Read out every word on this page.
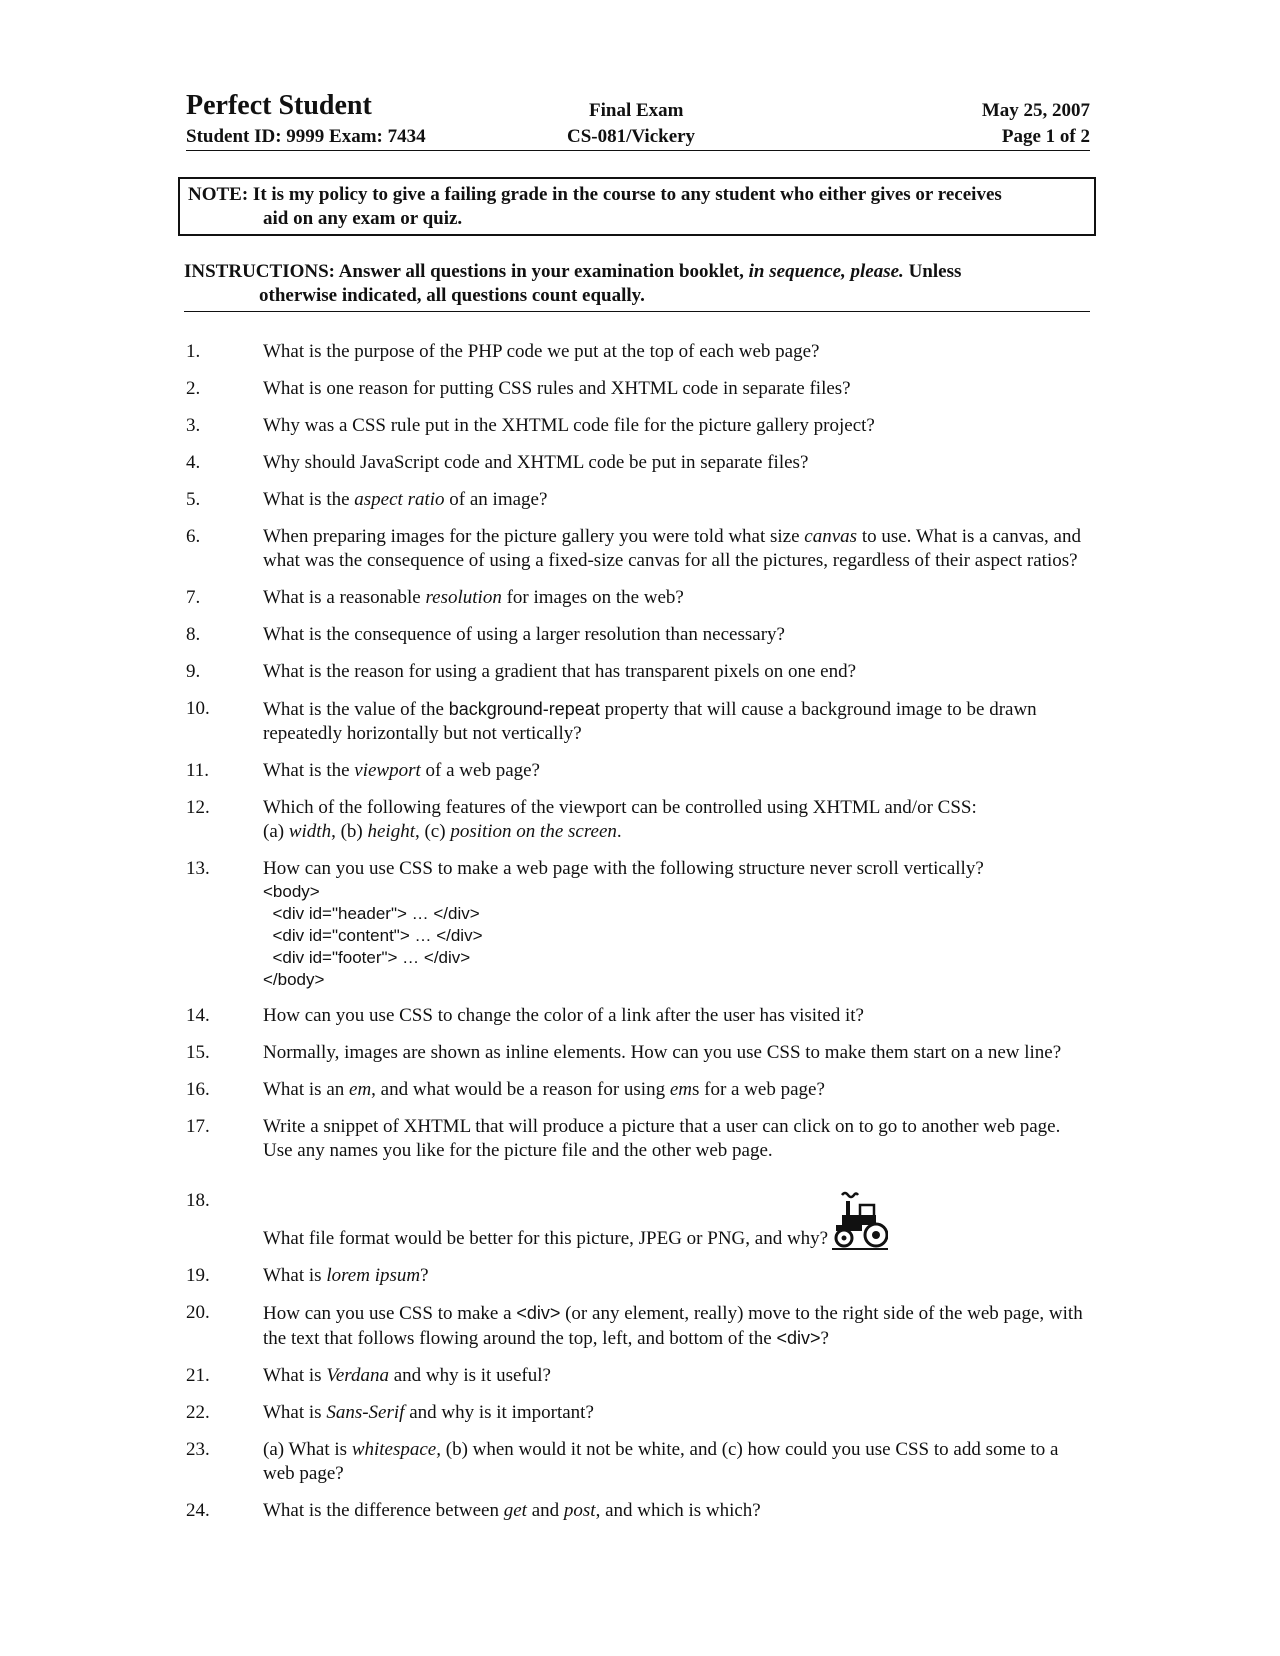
Perfect Student	Final Exam	May 25, 2007
Student ID: 9999 Exam: 7434	CS-081/Vickery	Page 1 of 2
NOTE: It is my policy to give a failing grade in the course to any student who either gives or receives
aid on any exam or quiz.
INSTRUCTIONS: Answer all questions in your examination booklet, in sequence, please. Unless
otherwise indicated, all questions count equally.
1.	What is the purpose of the PHP code we put at the top of each web page?
2.	What is one reason for putting CSS rules and XHTML code in separate files?
3.	Why was a CSS rule put in the XHTML code file for the picture gallery project?
4.	Why should JavaScript code and XHTML code be put in separate files?
5.	What is the aspect ratio of an image?
6.	When preparing images for the picture gallery you were told what size canvas to use. What is a canvas, and what was the consequence of using a fixed-size canvas for all the pictures, regardless of their aspect ratios?
7.	What is a reasonable resolution for images on the web?
8.	What is the consequence of using a larger resolution than necessary?
9.	What is the reason for using a gradient that has transparent pixels on one end?
10.	What is the value of the background-repeat property that will cause a background image to be drawn repeatedly horizontally but not vertically?
11.	What is the viewport of a web page?
12.	Which of the following features of the viewport can be controlled using XHTML and/or CSS:
(a) width, (b) height, (c) position on the screen.
13.	How can you use CSS to make a web page with the following structure never scroll vertically?
<body>
<div id="header"> … </div>
<div id="content"> … </div>
<div id="footer"> … </div>
</body>
14.	How can you use CSS to change the color of a link after the user has visited it?
15.	Normally, images are shown as inline elements. How can you use CSS to make them start on a new line?
16.	What is an em, and what would be a reason for using ems for a web page?
17.	Write a snippet of XHTML that will produce a picture that a user can click on to go to another web page. Use any names you like for the picture file and the other web page.
18.
What file format would be better for this picture, JPEG or PNG, and why?
19.	What is lorem ipsum?
20.	How can you use CSS to make a <div> (or any element, really) move to the right side of the web page, with the text that follows flowing around the top, left, and bottom of the <div>?
21.	What is Verdana and why is it useful?
22.	What is Sans-Serif and why is it important?
23.	(a) What is whitespace, (b) when would it not be white, and (c) how could you use CSS to add some to a web page?
24.	What is the difference between get and post, and which is which?
